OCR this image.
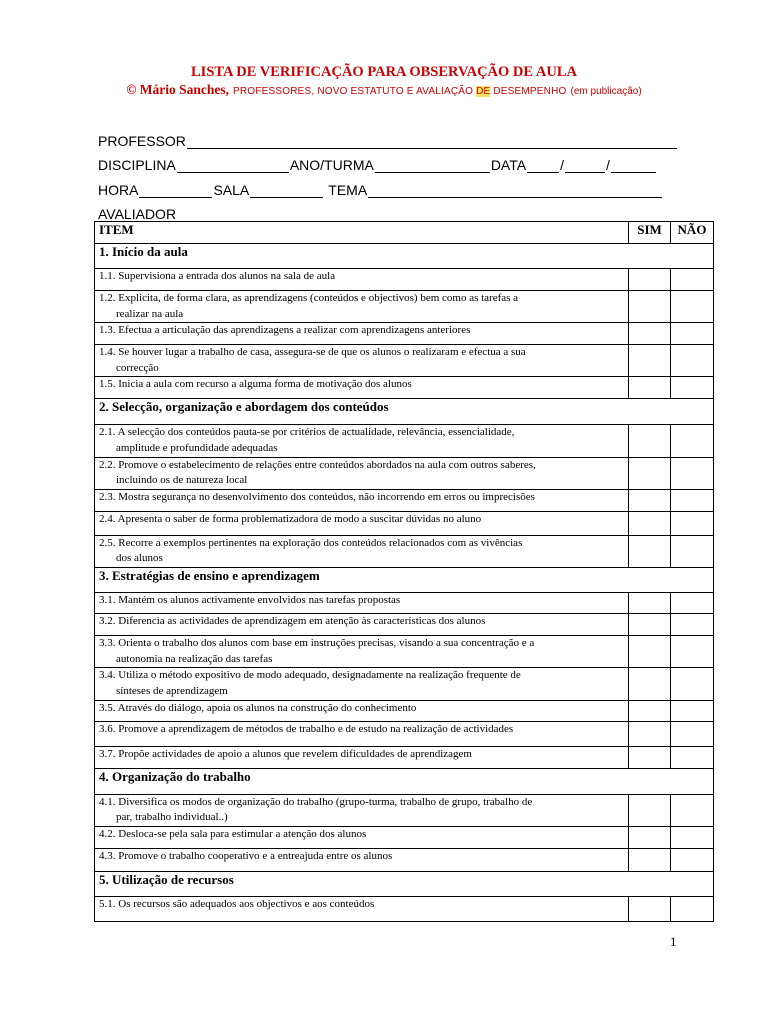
LISTA DE VERIFICAÇÃO PARA OBSERVAÇÃO DE AULA
© Mário Sanches, PROFESSORES, NOVO ESTATUTO E AVALIAÇÃO DE DESEMPENHO (em publicação)
PROFESSOR
DISCIPLINA	ANO/TURMA	DATA /	/
HORA	SALA	TEMA
AVALIADOR
ITEM	SIM	NÃO
1. Início da aula		
1.1. Supervisiona a entrada dos alunos na sala de aula		
1.2. Explicita, de forma clara, as aprendizagens (conteúdos e objectivos) bem como as tarefas a
realizar na aula		

1.3. Efectua a articulação das aprendizagens a realizar com aprendizagens anteriores		
1.4. Se houver lugar a trabalho de casa, assegura-se de que os alunos o realizaram e efectua a sua
correcção		

1.5. Inicia a aula com recurso a alguma forma de motivação dos alunos		
2. Selecção, organização e abordagem dos conteúdos		
2.1. A selecção dos conteúdos pauta-se por critérios de actualidade, relevância, essencialidade,
amplitude e profundidade adequadas		

2.2. Promove o estabelecimento de relações entre conteúdos abordados na aula com outros saberes,
incluindo os de natureza local		

2.3. Mostra segurança no desenvolvimento dos conteúdos, não incorrendo em erros ou imprecisões		
2.4. Apresenta o saber de forma problematizadora de modo a suscitar dúvidas no aluno		
2.5. Recorre a exemplos pertinentes na exploração dos conteúdos relacionados com as vivências
dos alunos		

3. Estratégias de ensino e aprendizagem		
3.1. Mantém os alunos activamente envolvidos nas tarefas propostas		
3.2. Diferencia as actividades de aprendizagem em atenção às características dos alunos		
3.3. Orienta o trabalho dos alunos com base em instruções precisas, visando a sua concentração e a
autonomia na realização das tarefas		

3.4. Utiliza o método expositivo de modo adequado, designadamente na realização frequente de
sínteses de aprendizagem		

3.5. Através do diálogo, apoia os alunos na construção do conhecimento		
3.6. Promove a aprendizagem de métodos de trabalho e de estudo na realização de actividades		
3.7. Propõe actividades de apoio a alunos que revelem dificuldades de aprendizagem		
4. Organização do trabalho		
4.1. Diversifica os modos de organização do trabalho (grupo-turma, trabalho de grupo, trabalho de
par, trabalho individual..)		

4.2. Desloca-se pela sala para estimular a atenção dos alunos		
4.3. Promove o trabalho cooperativo e a entreajuda entre os alunos		
5. Utilização de recursos		
5.1. Os recursos são adequados aos objectivos e aos conteúdos		
1
